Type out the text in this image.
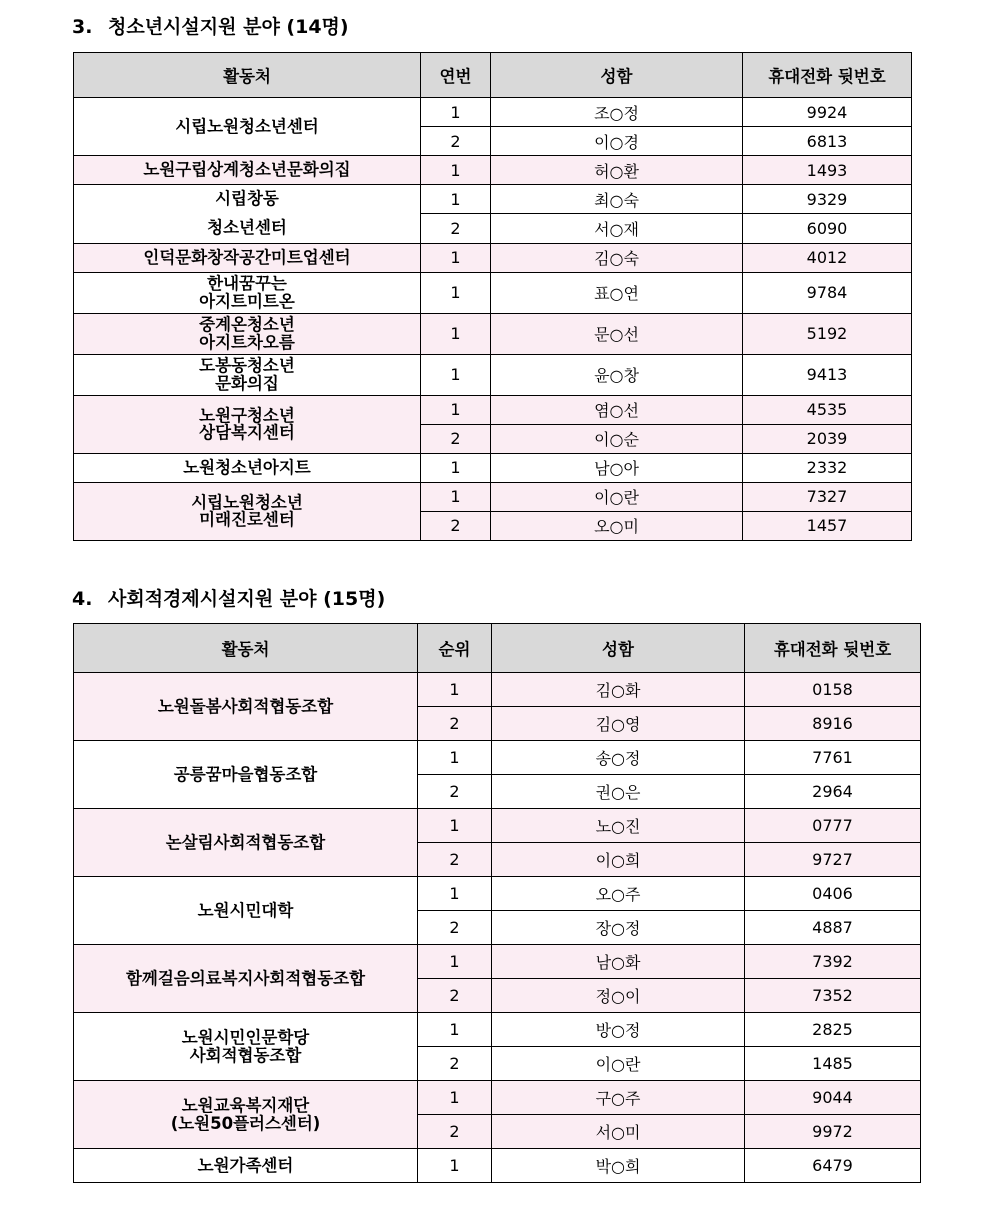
3. 청소년시설지원 분야 (14명)
활동처	연번	성함	휴대전화 뒷번호

시립노원청소년센터	1	조○정	9924
	2	이○경	6813

노원구립상계청소년문화의집	1	허○환	1493

시립창동
청소년센터	1	최○숙	9329
	2	서○재	6090

인덕문화창작공간미트업센터	1	김○숙	4012

한내꿈꾸는
아지트미트온	1	표○연	9784

중계온청소년
아지트차오름	1	문○선	5192

도봉동청소년
문화의집	1	윤○창	9413

노원구청소년
상담복지센터	1	염○선	4535
	2	이○순	2039

노원청소년아지트	1	남○아	2332

시립노원청소년
미래진로센터	1	이○란	7327
	2	오○미	1457
4. 사회적경제시설지원 분야 (15명)
활동처	순위	성함	휴대전화 뒷번호

노원돌봄사회적협동조합	1	김○화	0158
	2	김○영	8916

공릉꿈마을협동조합	1	송○정	7761
	2	권○은	2964

논살림사회적협동조합	1	노○진	0777
	2	이○희	9727

노원시민대학	1	오○주	0406
	2	장○정	4887

함께걸음의료복지사회적협동조합	1	남○화	7392
	2	정○이	7352

노원시민인문학당
사회적협동조합	1	방○정	2825
	2	이○란	1485

노원교육복지재단
(노원50플러스센터)	1	구○주	9044
	2	서○미	9972

노원가족센터	1	박○희	6479
